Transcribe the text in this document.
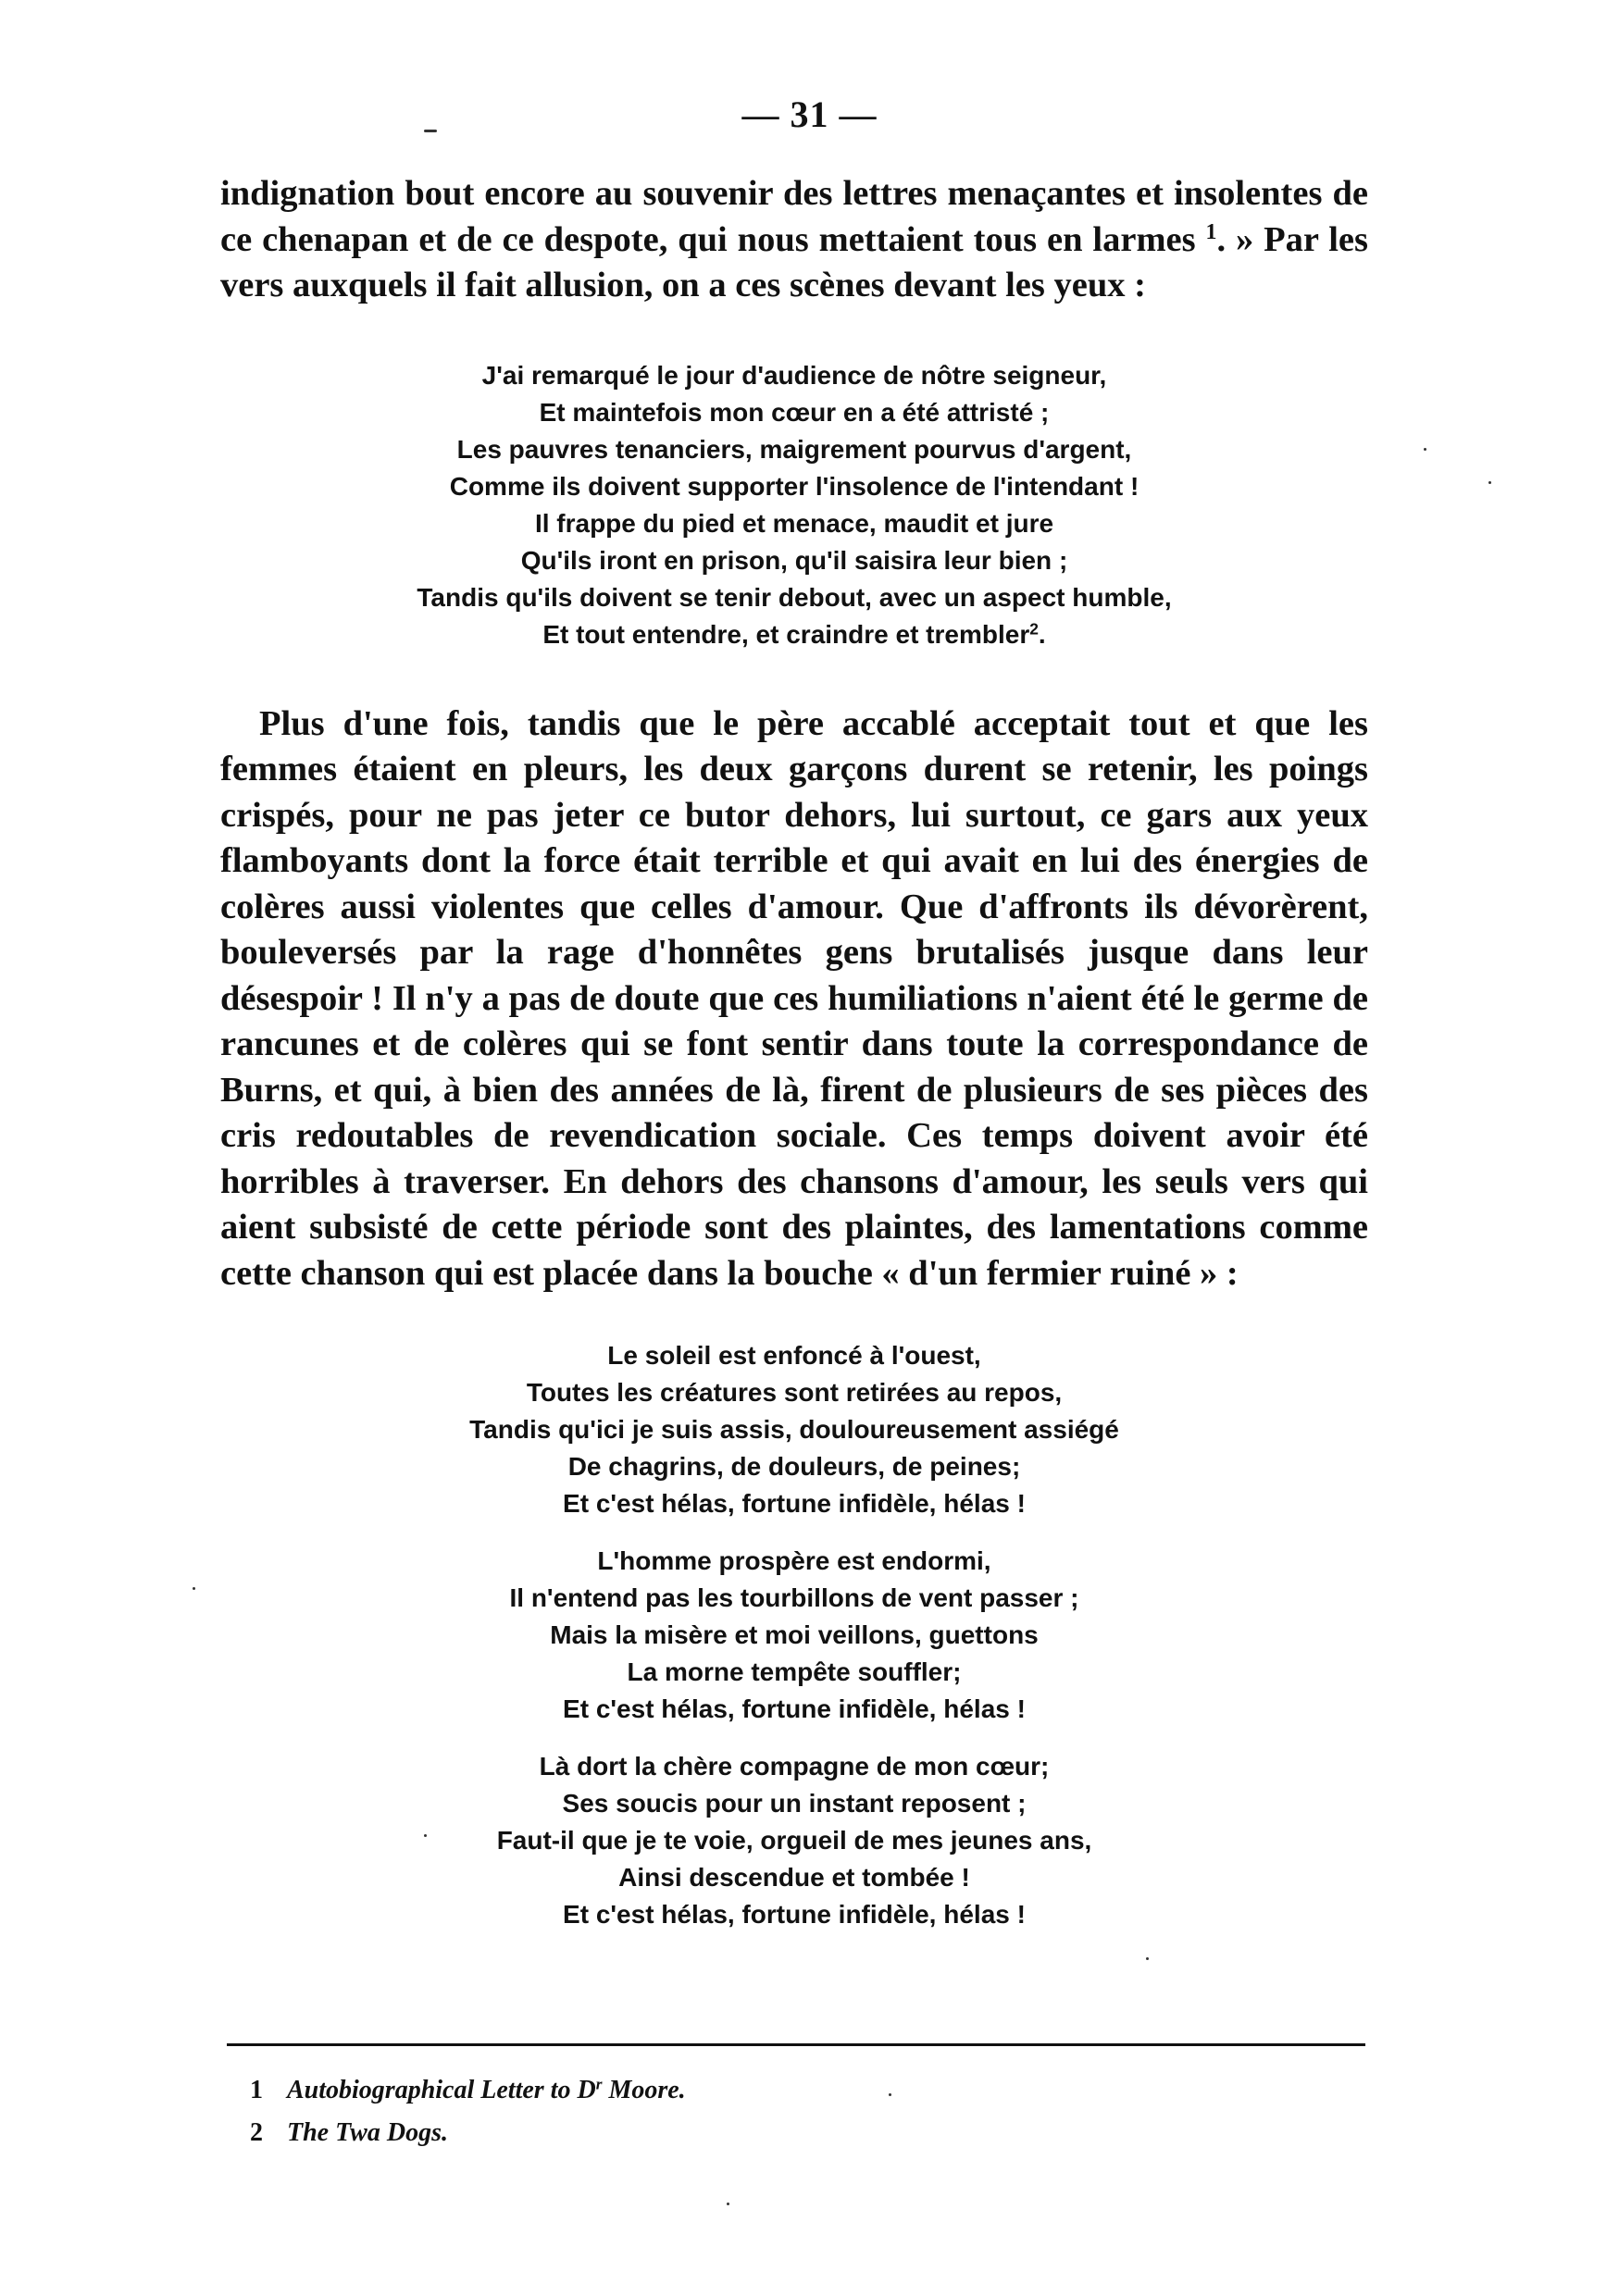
— 31 —

indignation bout encore au souvenir des lettres menaçantes et insolentes de ce chenapan et de ce despote, qui nous mettaient tous en larmes $^1$. » Par les vers auxquels il fait allusion, on a ces scènes devant les yeux :

J'ai remarqué le jour d'audience de nôtre seigneur,
Et maintefois mon cœur en a été attristé ;
Les pauvres tenanciers, maigrement pourvus d'argent,
Comme ils doivent supporter l'insolence de l'intendant !
Il frappe du pied et menace, maudit et jure
Qu'ils iront en prison, qu'il saisira leur bien ;
Tandis qu'ils doivent se tenir debout, avec un aspect humble,
Et tout entendre, et craindre et trembler$^2$.

Plus d'une fois, tandis que le père accablé acceptait tout et que les femmes étaient en pleurs, les deux garçons durent se retenir, les poings crispés, pour ne pas jeter ce butor dehors, lui surtout, ce gars aux yeux flamboyants dont la force était terrible et qui avait en lui des énergies de colères aussi violentes que celles d'amour. Que d'affronts ils dévorèrent, bouleversés par la rage d'honnêtes gens brutalisés jusque dans leur désespoir ! Il n'y a pas de doute que ces humiliations n'aient été le germe de rancunes et de colères qui se font sentir dans toute la correspondance de Burns, et qui, à bien des années de là, firent de plusieurs de ses pièces des cris redoutables de revendication sociale. Ces temps doivent avoir été horribles à traverser. En dehors des chansons d'amour, les seuls vers qui aient subsisté de cette période sont des plaintes, des lamentations comme cette chanson qui est placée dans la bouche « d'un fermier ruiné » :

Le soleil est enfoncé à l'ouest,
Toutes les créatures sont retirées au repos,
Tandis qu'ici je suis assis, douloureusement assiégé
De chagrins, de douleurs, de peines;
Et c'est hélas, fortune infidèle, hélas !
L'homme prospère est endormi,
Il n'entend pas les tourbillons de vent passer ;
Mais la misère et moi veillons, guettons
La morne tempête souffler;
Et c'est hélas, fortune infidèle, hélas !
Là dort la chère compagne de mon cœur;
Ses soucis pour un instant reposent ;
Faut-il que je te voie, orgueil de mes jeunes ans,
Ainsi descendue et tombée !
Et c'est hélas, fortune infidèle, hélas !
1 Autobiographical Letter to $D^r$ Moore.
2 The Twa Dogs.
